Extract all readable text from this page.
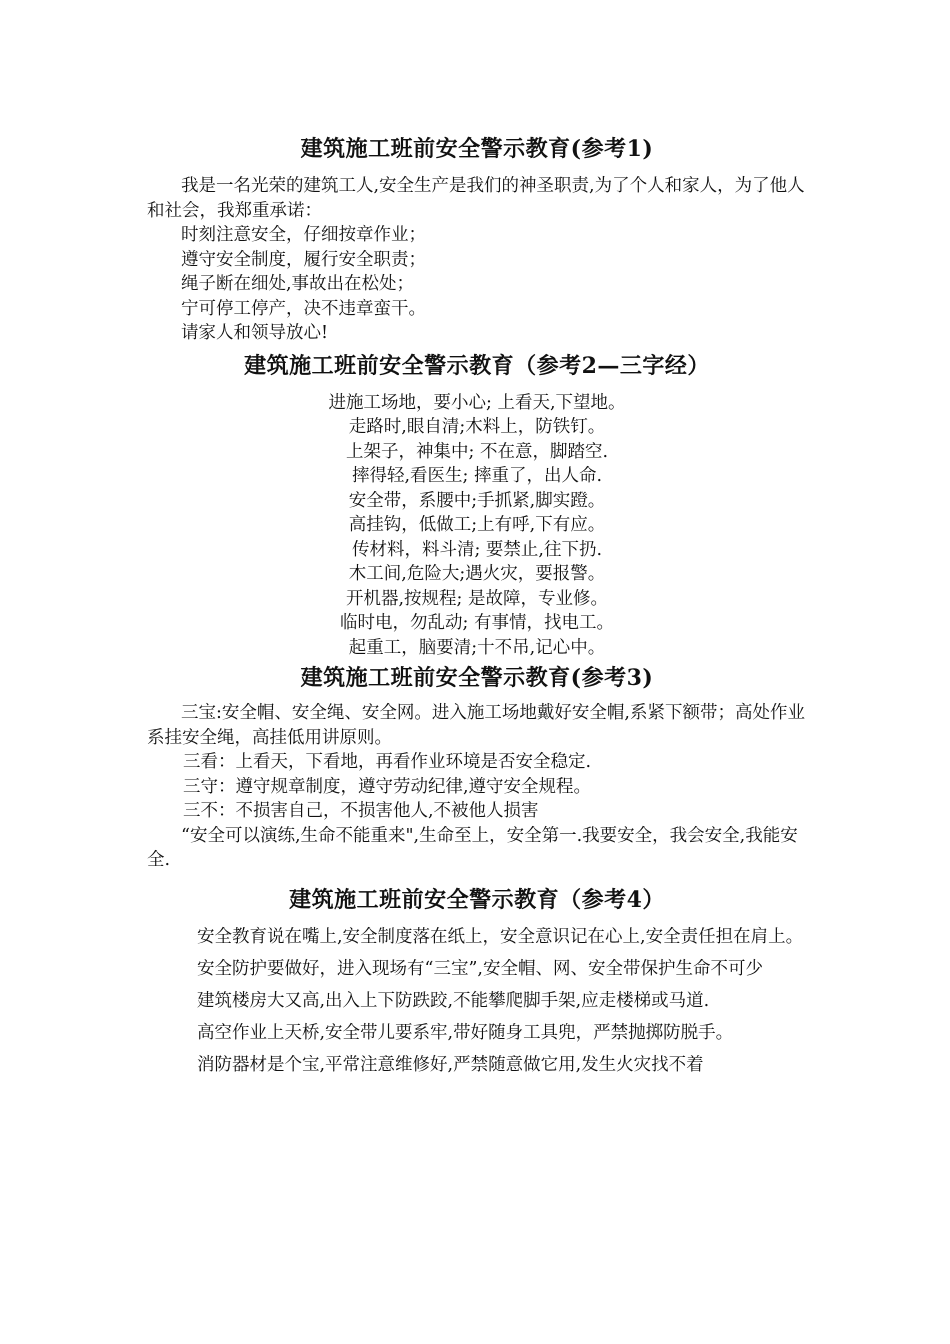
建筑施工班前安全警示教育(参考1)

我是一名光荣的建筑工人,安全生产是我们的神圣职责,为了个人和家人，为了他人和社会，我郑重承诺：

时刻注意安全，仔细按章作业；

遵守安全制度，履行安全职责；

绳子断在细处,事故出在松处；

宁可停工停产，决不违章蛮干。

请家人和领导放心!

建筑施工班前安全警示教育（参考2—三字经）

进施工场地，要小心; 上看天,下望地。

走路时,眼自清;木料上，防铁钉。

上架子，神集中; 不在意，脚踏空.

摔得轻,看医生; 摔重了，出人命.

安全带，系腰中;手抓紧,脚实蹬。

高挂钩，低做工;上有呼,下有应。

传材料，料斗清; 要禁止,往下扔.

木工间,危险大;遇火灾，要报警。

开机器,按规程; 是故障，专业修。

临时电，勿乱动; 有事情，找电工。

起重工，脑要清;十不吊,记心中。

建筑施工班前安全警示教育(参考3)

三宝:安全帽、安全绳、安全网。进入施工场地戴好安全帽,系紧下额带；高处作业系挂安全绳，高挂低用讲原则。

三看：上看天，下看地，再看作业环境是否安全稳定.

三守：遵守规章制度，遵守劳动纪律,遵守安全规程。

三不：不损害自己，不损害他人,不被他人损害

“安全可以演练,生命不能重来",生命至上，安全第一.我要安全，我会安全,我能安全.

建筑施工班前安全警示教育（参考4）

安全教育说在嘴上,安全制度落在纸上，安全意识记在心上,安全责任担在肩上。

安全防护要做好，进入现场有“三宝”,安全帽、网、安全带保护生命不可少

建筑楼房大又高,出入上下防跌跤,不能攀爬脚手架,应走楼梯或马道.

高空作业上天桥,安全带儿要系牢,带好随身工具兜，严禁抛掷防脱手。

消防器材是个宝,平常注意维修好,严禁随意做它用,发生火灾找不着
